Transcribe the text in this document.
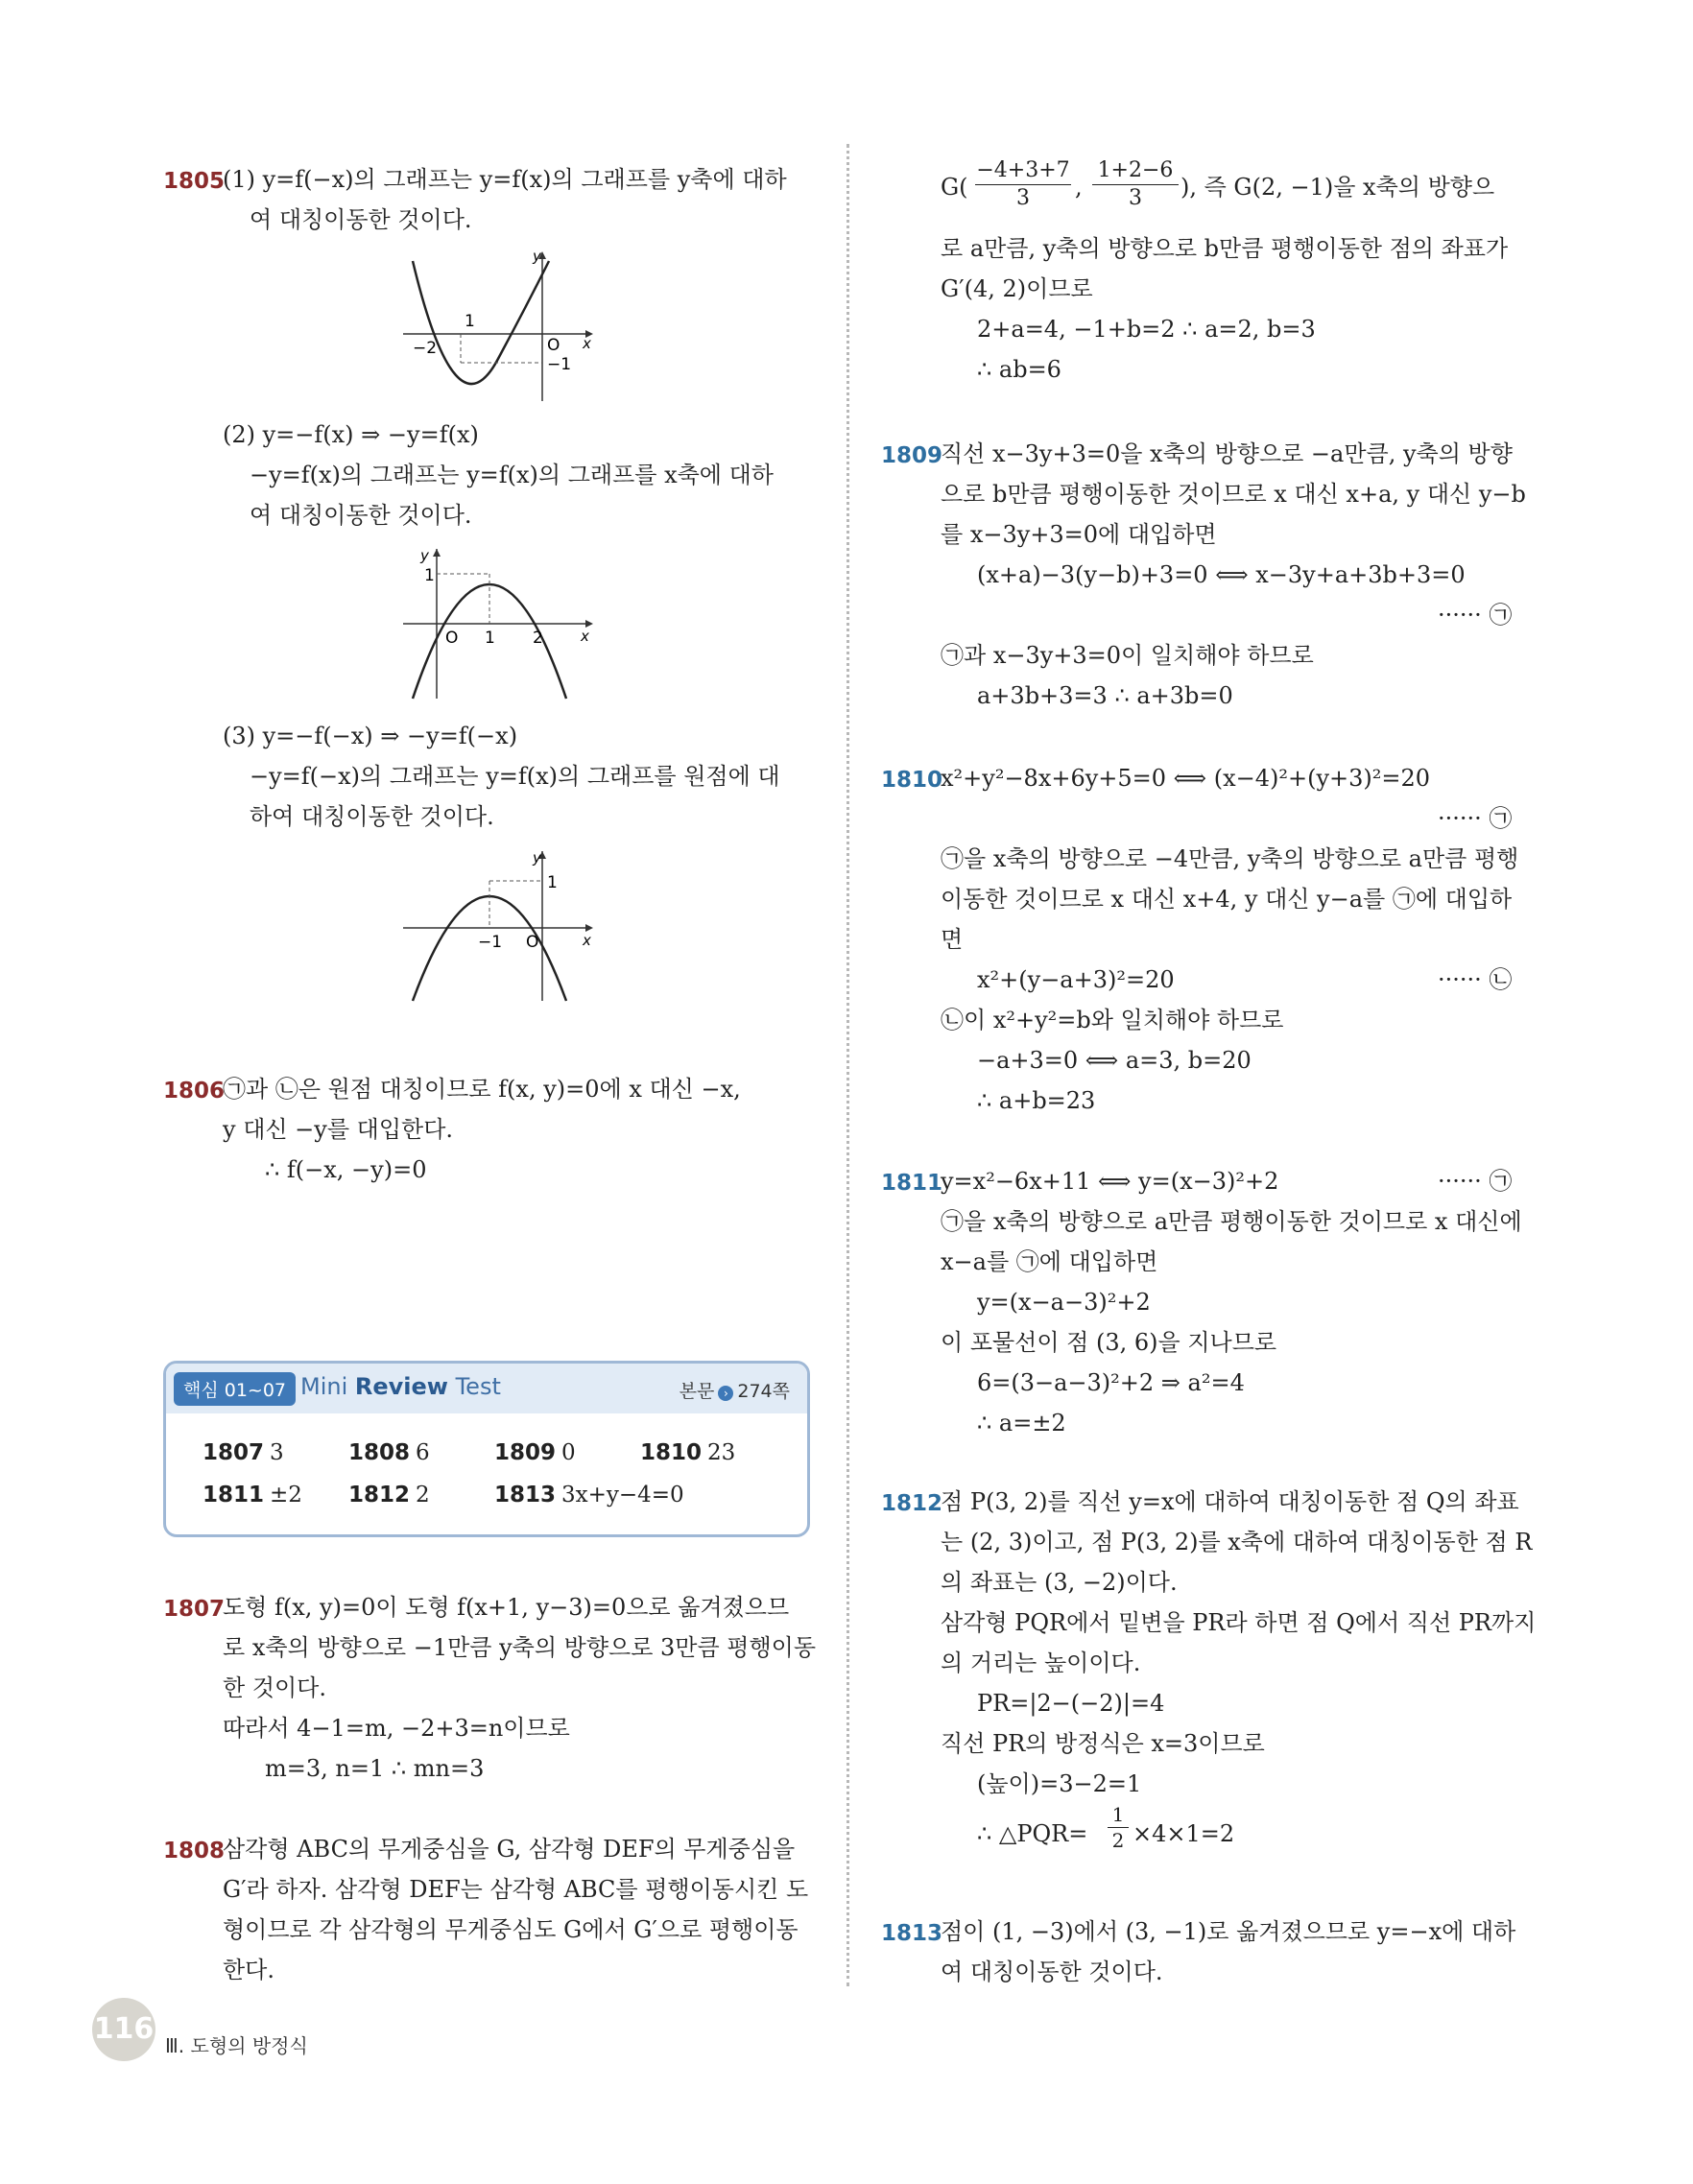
1805
(1) y=f(−x)의 그래프는 y=f(x)의 그래프를 y축에 대하
여 대칭이동한 것이다.
y
x
O
1
−2
−1
(2) y=−f(x) ⇒ −y=f(x)
−y=f(x)의 그래프는 y=f(x)의 그래프를 x축에 대하
여 대칭이동한 것이다.
y
x
1
O 1 2
(3) y=−f(−x) ⇒ −y=f(−x)
−y=f(−x)의 그래프는 y=f(x)의 그래프를 원점에 대
하여 대칭이동한 것이다.
y
x
1
−1 O
1806
㉠과 ㉡은 원점 대칭이므로 f(x, y)=0에 x 대신 −x,
y 대신 −y를 대입한다.
∴ f(−x, −y)=0
1807
도형 f(x, y)=0이 도형 f(x+1, y−3)=0으로 옮겨졌으므
로 x축의 방향으로 −1만큼 y축의 방향으로 3만큼 평행이동
한 것이다.
따라서 4−1=m, −2+3=n이므로
m=3, n=1 ∴ mn=3
1808
삼각형 ABC의 무게중심을 G, 삼각형 DEF의 무게중심을
G′라 하자. 삼각형 DEF는 삼각형 ABC를 평행이동시킨 도
형이므로 각 삼각형의 무게중심도 G에서 G′으로 평행이동
한다.
핵심 01~07 Mini Review Test	본문 › 274쪽
1807 3	1808 6	1809 0	1810 23
1811 ±2 1812 2	1813 3x+y−4=0
G(
−4+3+7
3	,
1+2−6
3	), 즉 G(2, −1)을 x축의 방향으
로 a만큼, y축의 방향으로 b만큼 평행이동한 점의 좌표가
G′(4, 2)이므로
2+a=4, −1+b=2 ∴ a=2, b=3
∴ ab=6
1809
직선 x−3y+3=0을 x축의 방향으로 −a만큼, y축의 방향
으로 b만큼 평행이동한 것이므로 x 대신 x+a, y 대신 y−b
를 x−3y+3=0에 대입하면
(x+a)−3(y−b)+3=0 ⟺ x−3y+a+3b+3=0
······ ㉠
㉠과 x−3y+3=0이 일치해야 하므로
a+3b+3=3 ∴ a+3b=0
1810
x²+y²−8x+6y+5=0 ⟺ (x−4)²+(y+3)²=20
······ ㉠
㉠을 x축의 방향으로 −4만큼, y축의 방향으로 a만큼 평행
이동한 것이므로 x 대신 x+4, y 대신 y−a를 ㉠에 대입하
면
x²+(y−a+3)²=20	······ ㉡
㉡이 x²+y²=b와 일치해야 하므로
−a+3=0 ⟺ a=3, b=20
∴ a+b=23
1811
y=x²−6x+11 ⟺ y=(x−3)²+2	······ ㉠
㉠을 x축의 방향으로 a만큼 평행이동한 것이므로 x 대신에
x−a를 ㉠에 대입하면
y=(x−a−3)²+2
이 포물선이 점 (3, 6)을 지나므로
6=(3−a−3)²+2 ⇒ a²=4
∴ a=±2
1812
점 P(3, 2)를 직선 y=x에 대하여 대칭이동한 점 Q의 좌표
는 (2, 3)이고, 점 P(3, 2)를 x축에 대하여 대칭이동한 점 R
의 좌표는 (3, −2)이다.
삼각형 PQR에서 밑변을 PR라 하면 점 Q에서 직선 PR까지
의 거리는 높이이다.
PR=|2−(−2)|=4
직선 PR의 방정식은 x=3이므로
(높이)=3−2=1
∴ △PQR=
1
2 ×4×1=2
1813
점이 (1, −3)에서 (3, −1)로 옮겨졌으므로 y=−x에 대하
여 대칭이동한 것이다.
116 Ⅲ. 도형의 방정식
